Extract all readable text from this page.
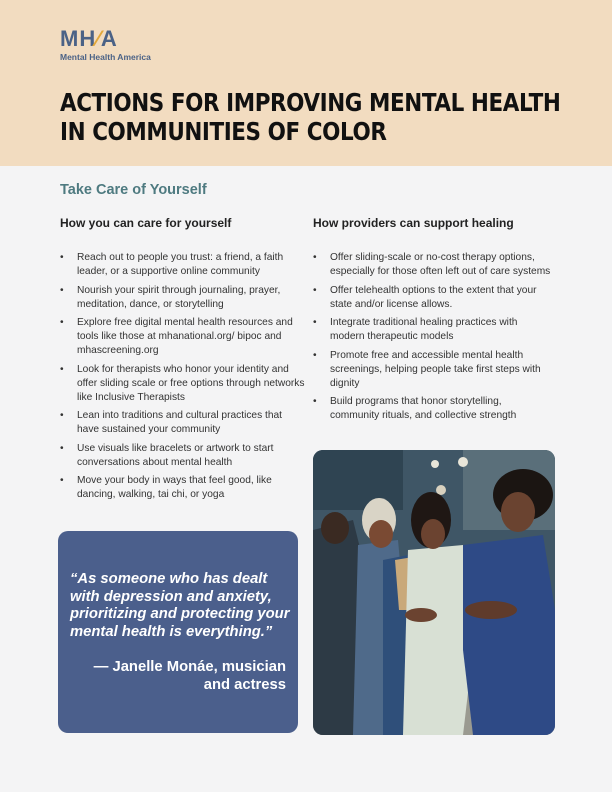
MH⁄A
Mental Health America
ACTIONS FOR IMPROVING MENTAL HEALTH
IN COMMUNITIES OF COLOR
Take Care of Yourself
How you can care for yourself	How providers can support healing
• Reach out to people you trust: a friend, a faith leader, or a supportive online community
• Nourish your spirit through journaling, prayer, meditation, dance, or storytelling
• Explore free digital mental health resources and tools like those at mhanational.org/ bipoc and mhascreening.org
• Look for therapists who honor your identity and offer sliding scale or free options through networks like Inclusive Therapists
• Lean into traditions and cultural practices that have sustained your community
• Use visuals like bracelets or artwork to start conversations about mental health
• Move your body in ways that feel good, like dancing, walking, tai chi, or yoga
• Offer sliding-scale or no-cost therapy options, especially for those often left out of care systems
• Offer telehealth options to the extent that your state and/or license allows.
• Integrate traditional healing practices with modern therapeutic models
• Promote free and accessible mental health screenings, helping people take first steps with dignity
• Build programs that honor storytelling, community rituals, and collective strength
“As someone who has dealt with depression and anxiety, prioritizing and protecting your mental health is everything.”
— Janelle Monáe, musician and actress
